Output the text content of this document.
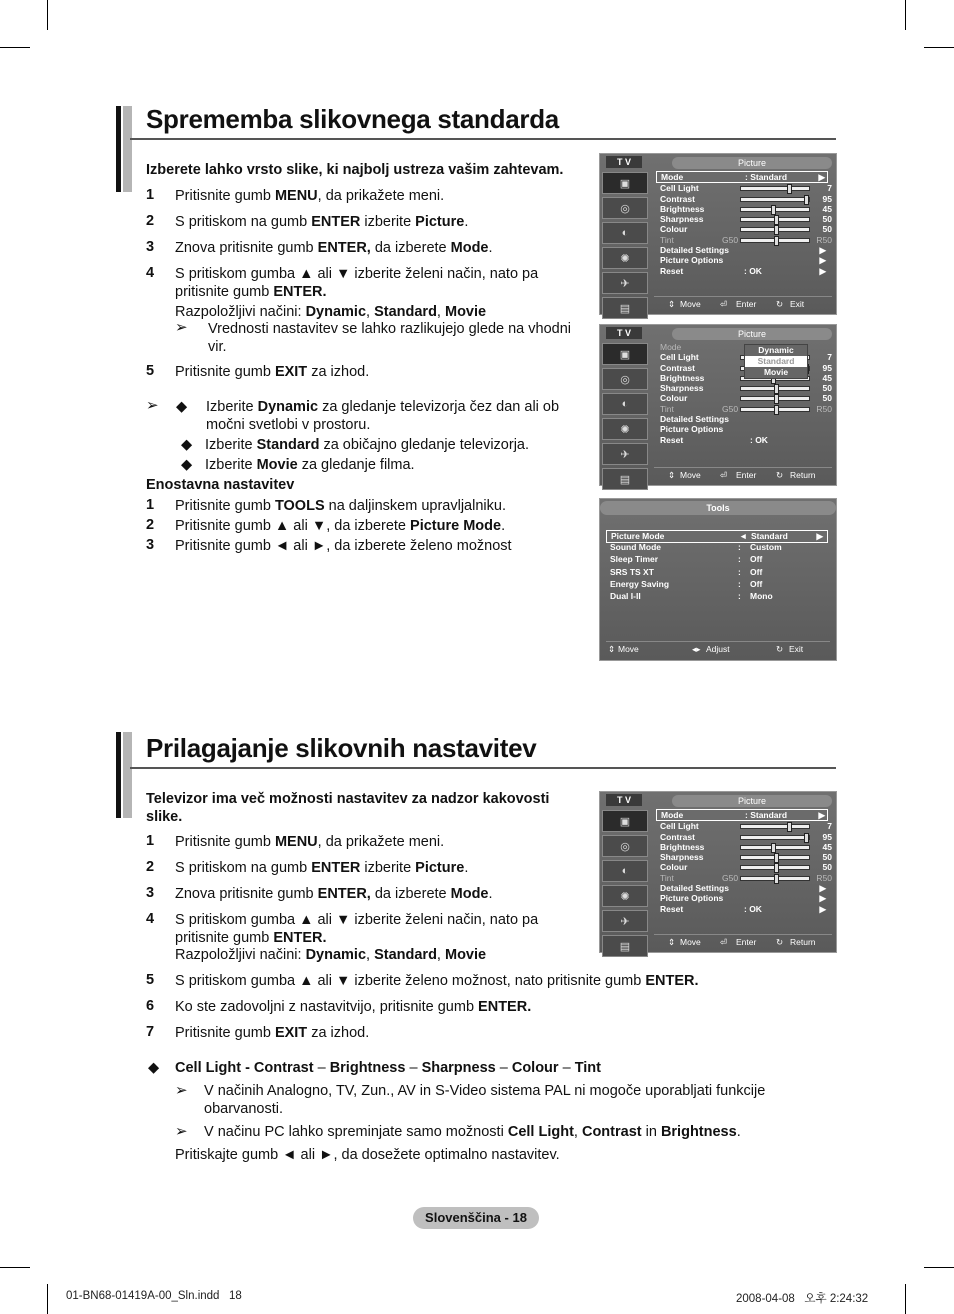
Sprememba slikovnega standarda
Izberete lahko vrsto slike, ki najbolj ustreza vašim zahtevam.
1 Pritisnite gumb MENU, da prikažete meni.
2 S pritiskom na gumb ENTER izberite Picture.
3 Znova pritisnite gumb ENTER, da izberete Mode.
4 S pritiskom gumba ▲ ali ▼ izberite želeni način, nato pa
pritisnite gumb ENTER.
Razpoložljivi načini: Dynamic, Standard, Movie
➢ Vrednosti nastavitev se lahko razlikujejo glede na vhodni
vir.
5 Pritisnite gumb EXIT za izhod.
➢ ◆ Izberite Dynamic za gledanje televizorja čez dan ali ob
močni svetlobi v prostoru.
◆ Izberite Standard za običajno gledanje televizorja.
◆ Izberite Movie za gledanje filma.
Enostavna nastavitev
1 Pritisnite gumb TOOLS na daljinskem upravljalniku.
2 Pritisnite gumb ▲ ali ▼, da izberete Picture Mode.
3 Pritisnite gumb ◄ ali ►, da izberete želeno možnost
T V	Picture
▣
◎
◐
✺
✈
▤
Mode	: Standard	▶
Cell Light	7
Contrast	95
Brightness	45
Sharpness	50
Colour	50
Tint	G50	R50
Detailed Settings	▶
Picture Options	▶
Reset	: OK	▶
⇕ Move ⏎ Enter ↻ Exit
T V	Picture
▣
◎
◐
✺
✈
▤
Mode
Cell Light	7
Contrast	95
Brightness	45
Sharpness	50
Colour	50
Tint	G50	R50
Detailed Settings
Picture Options
Reset	: OK
Dynamic
Standard
Movie
⇕ Move ⏎ Enter ↻ Return
Tools
Picture Mode	◄ Standard	▶
Sound Mode	: Custom
Sleep Timer	: Off
SRS TS XT	: Off
Energy Saving	: Off
Dual I-II	: Mono
⇕ Move	◂▸ Adjust	↻ Exit
Prilagajanje slikovnih nastavitev
Televizor ima več možnosti nastavitev za nadzor kakovosti
slike.
1 Pritisnite gumb MENU, da prikažete meni.
2 S pritiskom na gumb ENTER izberite Picture.
3 Znova pritisnite gumb ENTER, da izberete Mode.
4 S pritiskom gumba ▲ ali ▼ izberite želeni način, nato pa
pritisnite gumb ENTER.
Razpoložljivi načini: Dynamic, Standard, Movie
5 S pritiskom gumba ▲ ali ▼ izberite želeno možnost, nato pritisnite gumb ENTER.
6 Ko ste zadovoljni z nastavitvijo, pritisnite gumb ENTER.
7 Pritisnite gumb EXIT za izhod.
◆ Cell Light - Contrast – Brightness – Sharpness – Colour – Tint
➢ V načinih Analogno, TV, Zun., AV in S-Video sistema PAL ni mogoče uporabljati funkcije
obarvanosti.
➢ V načinu PC lahko spreminjate samo možnosti Cell Light, Contrast in Brightness.
Pritiskajte gumb ◄ ali ►, da dosežete optimalno nastavitev.
T V	Picture
▣
◎
◐
✺
✈
▤
Mode	: Standard	▶
Cell Light	7
Contrast	95
Brightness	45
Sharpness	50
Colour	50
Tint	G50	R50
Detailed Settings	▶
Picture Options	▶
Reset	: OK	▶
⇕ Move ⏎ Enter ↻ Return
Slovenščina - 18
01-BN68-01419A-00_Sln.indd   18	2008-04-08   오후 2:24:32
